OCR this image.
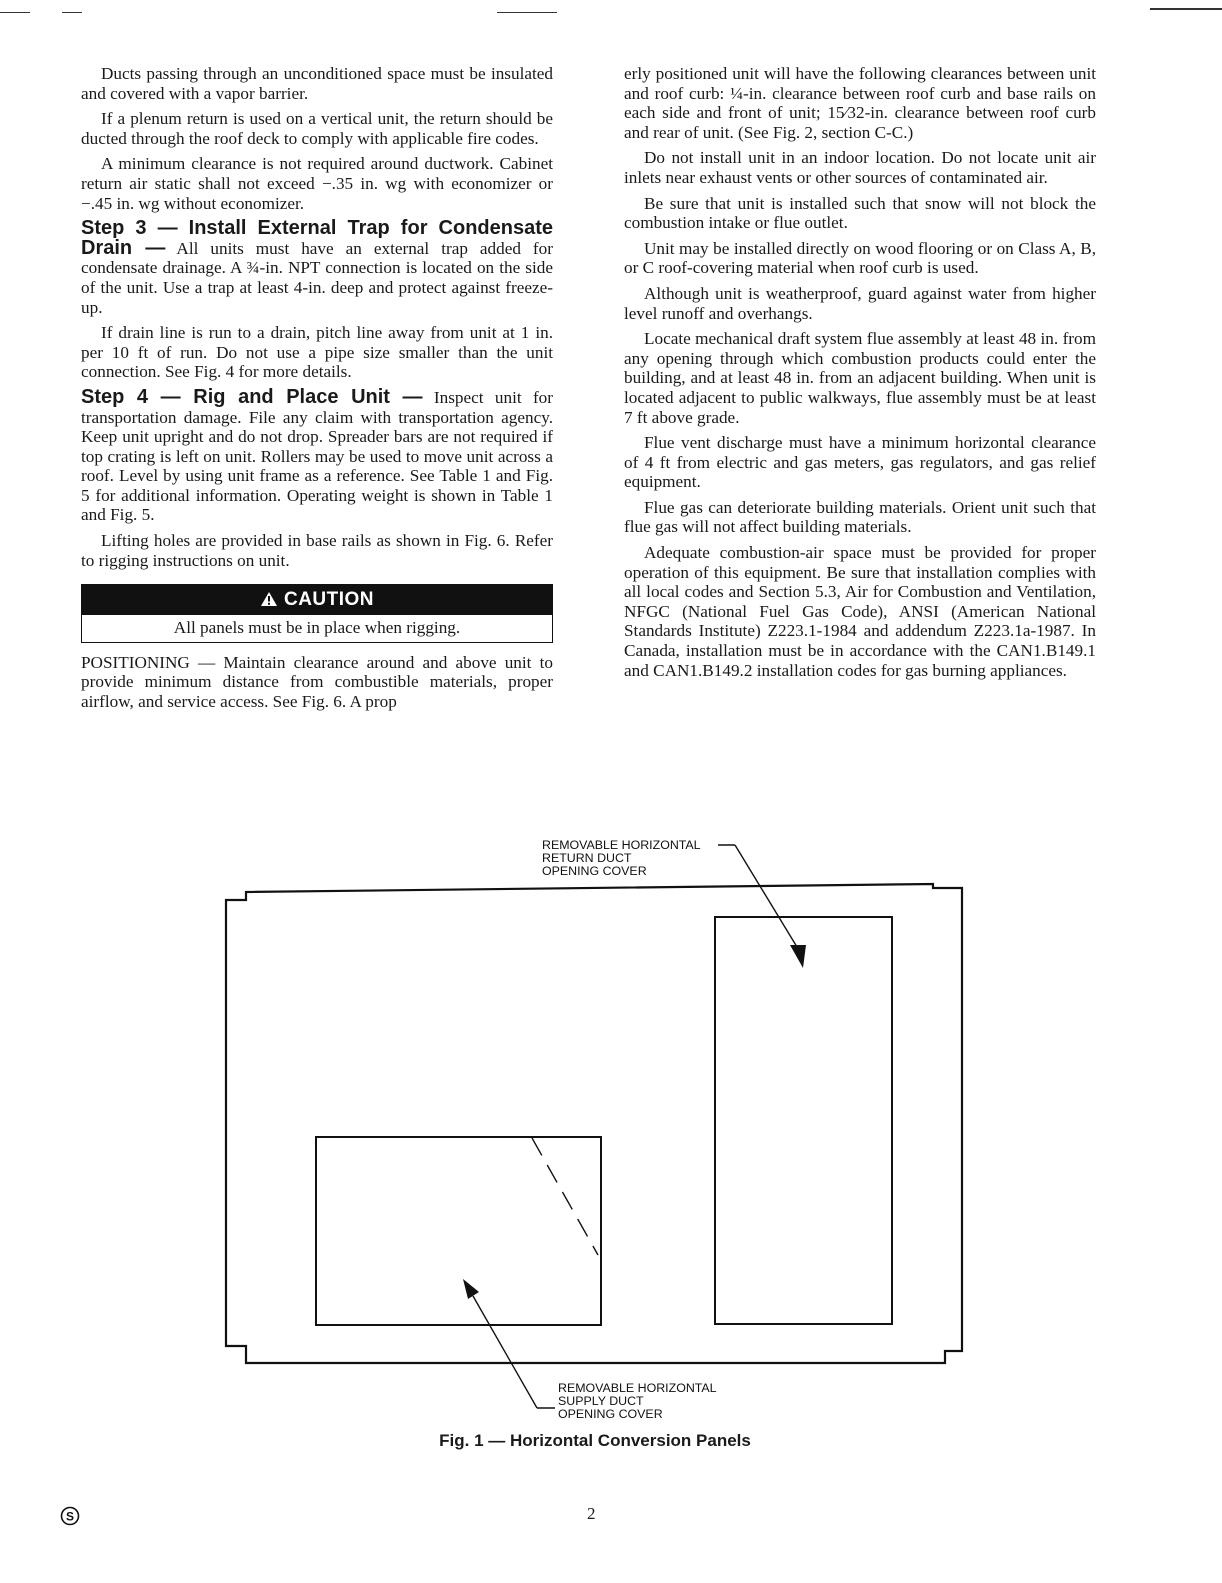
Ducts passing through an unconditioned space must be insulated and covered with a vapor barrier.

If a plenum return is used on a vertical unit, the return should be ducted through the roof deck to comply with applicable fire codes.

A minimum clearance is not required around ductwork. Cabinet return air static shall not exceed −.35 in. wg with economizer or −.45 in. wg without economizer.

Step 3 — Install External Trap for Condensate Drain — All units must have an external trap added for condensate drainage. A ¾-in. NPT connection is located on the side of the unit. Use a trap at least 4-in. deep and protect against freeze-up.

If drain line is run to a drain, pitch line away from unit at 1 in. per 10 ft of run. Do not use a pipe size smaller than the unit connection. See Fig. 4 for more details.

Step 4 — Rig and Place Unit — Inspect unit for transportation damage. File any claim with transportation agency. Keep unit upright and do not drop. Spreader bars are not required if top crating is left on unit. Rollers may be used to move unit across a roof. Level by using unit frame as a reference. See Table 1 and Fig. 5 for additional information. Operating weight is shown in Table 1 and Fig. 5.

Lifting holes are provided in base rails as shown in Fig. 6. Refer to rigging instructions on unit.

CAUTION
All panels must be in place when rigging.

POSITIONING — Maintain clearance around and above unit to provide minimum distance from combustible materials, proper airflow, and service access. See Fig. 6. A prop

erly positioned unit will have the following clearances between unit and roof curb: ¼-in. clearance between roof curb and base rails on each side and front of unit; 15⁄32-in. clearance between roof curb and rear of unit. (See Fig. 2, section C-C.)

Do not install unit in an indoor location. Do not locate unit air inlets near exhaust vents or other sources of contaminated air.

Be sure that unit is installed such that snow will not block the combustion intake or flue outlet.

Unit may be installed directly on wood flooring or on Class A, B, or C roof-covering material when roof curb is used.

Although unit is weatherproof, guard against water from higher level runoff and overhangs.

Locate mechanical draft system flue assembly at least 48 in. from any opening through which combustion products could enter the building, and at least 48 in. from an adjacent building. When unit is located adjacent to public walkways, flue assembly must be at least 7 ft above grade.

Flue vent discharge must have a minimum horizontal clearance of 4 ft from electric and gas meters, gas regulators, and gas relief equipment.

Flue gas can deteriorate building materials. Orient unit such that flue gas will not affect building materials.

Adequate combustion-air space must be provided for proper operation of this equipment. Be sure that installation complies with all local codes and Section 5.3, Air for Combustion and Ventilation, NFGC (National Fuel Gas Code), ANSI (American National Standards Institute) Z223.1-1984 and addendum Z223.1a-1987. In Canada, installation must be in accordance with the CAN1.B149.1 and CAN1.B149.2 installation codes for gas burning appliances.

REMOVABLE HORIZONTAL
RETURN DUCT
OPENING COVER
REMOVABLE HORIZONTAL
SUPPLY DUCT
OPENING COVER
Fig. 1 — Horizontal Conversion Panels
S	2
